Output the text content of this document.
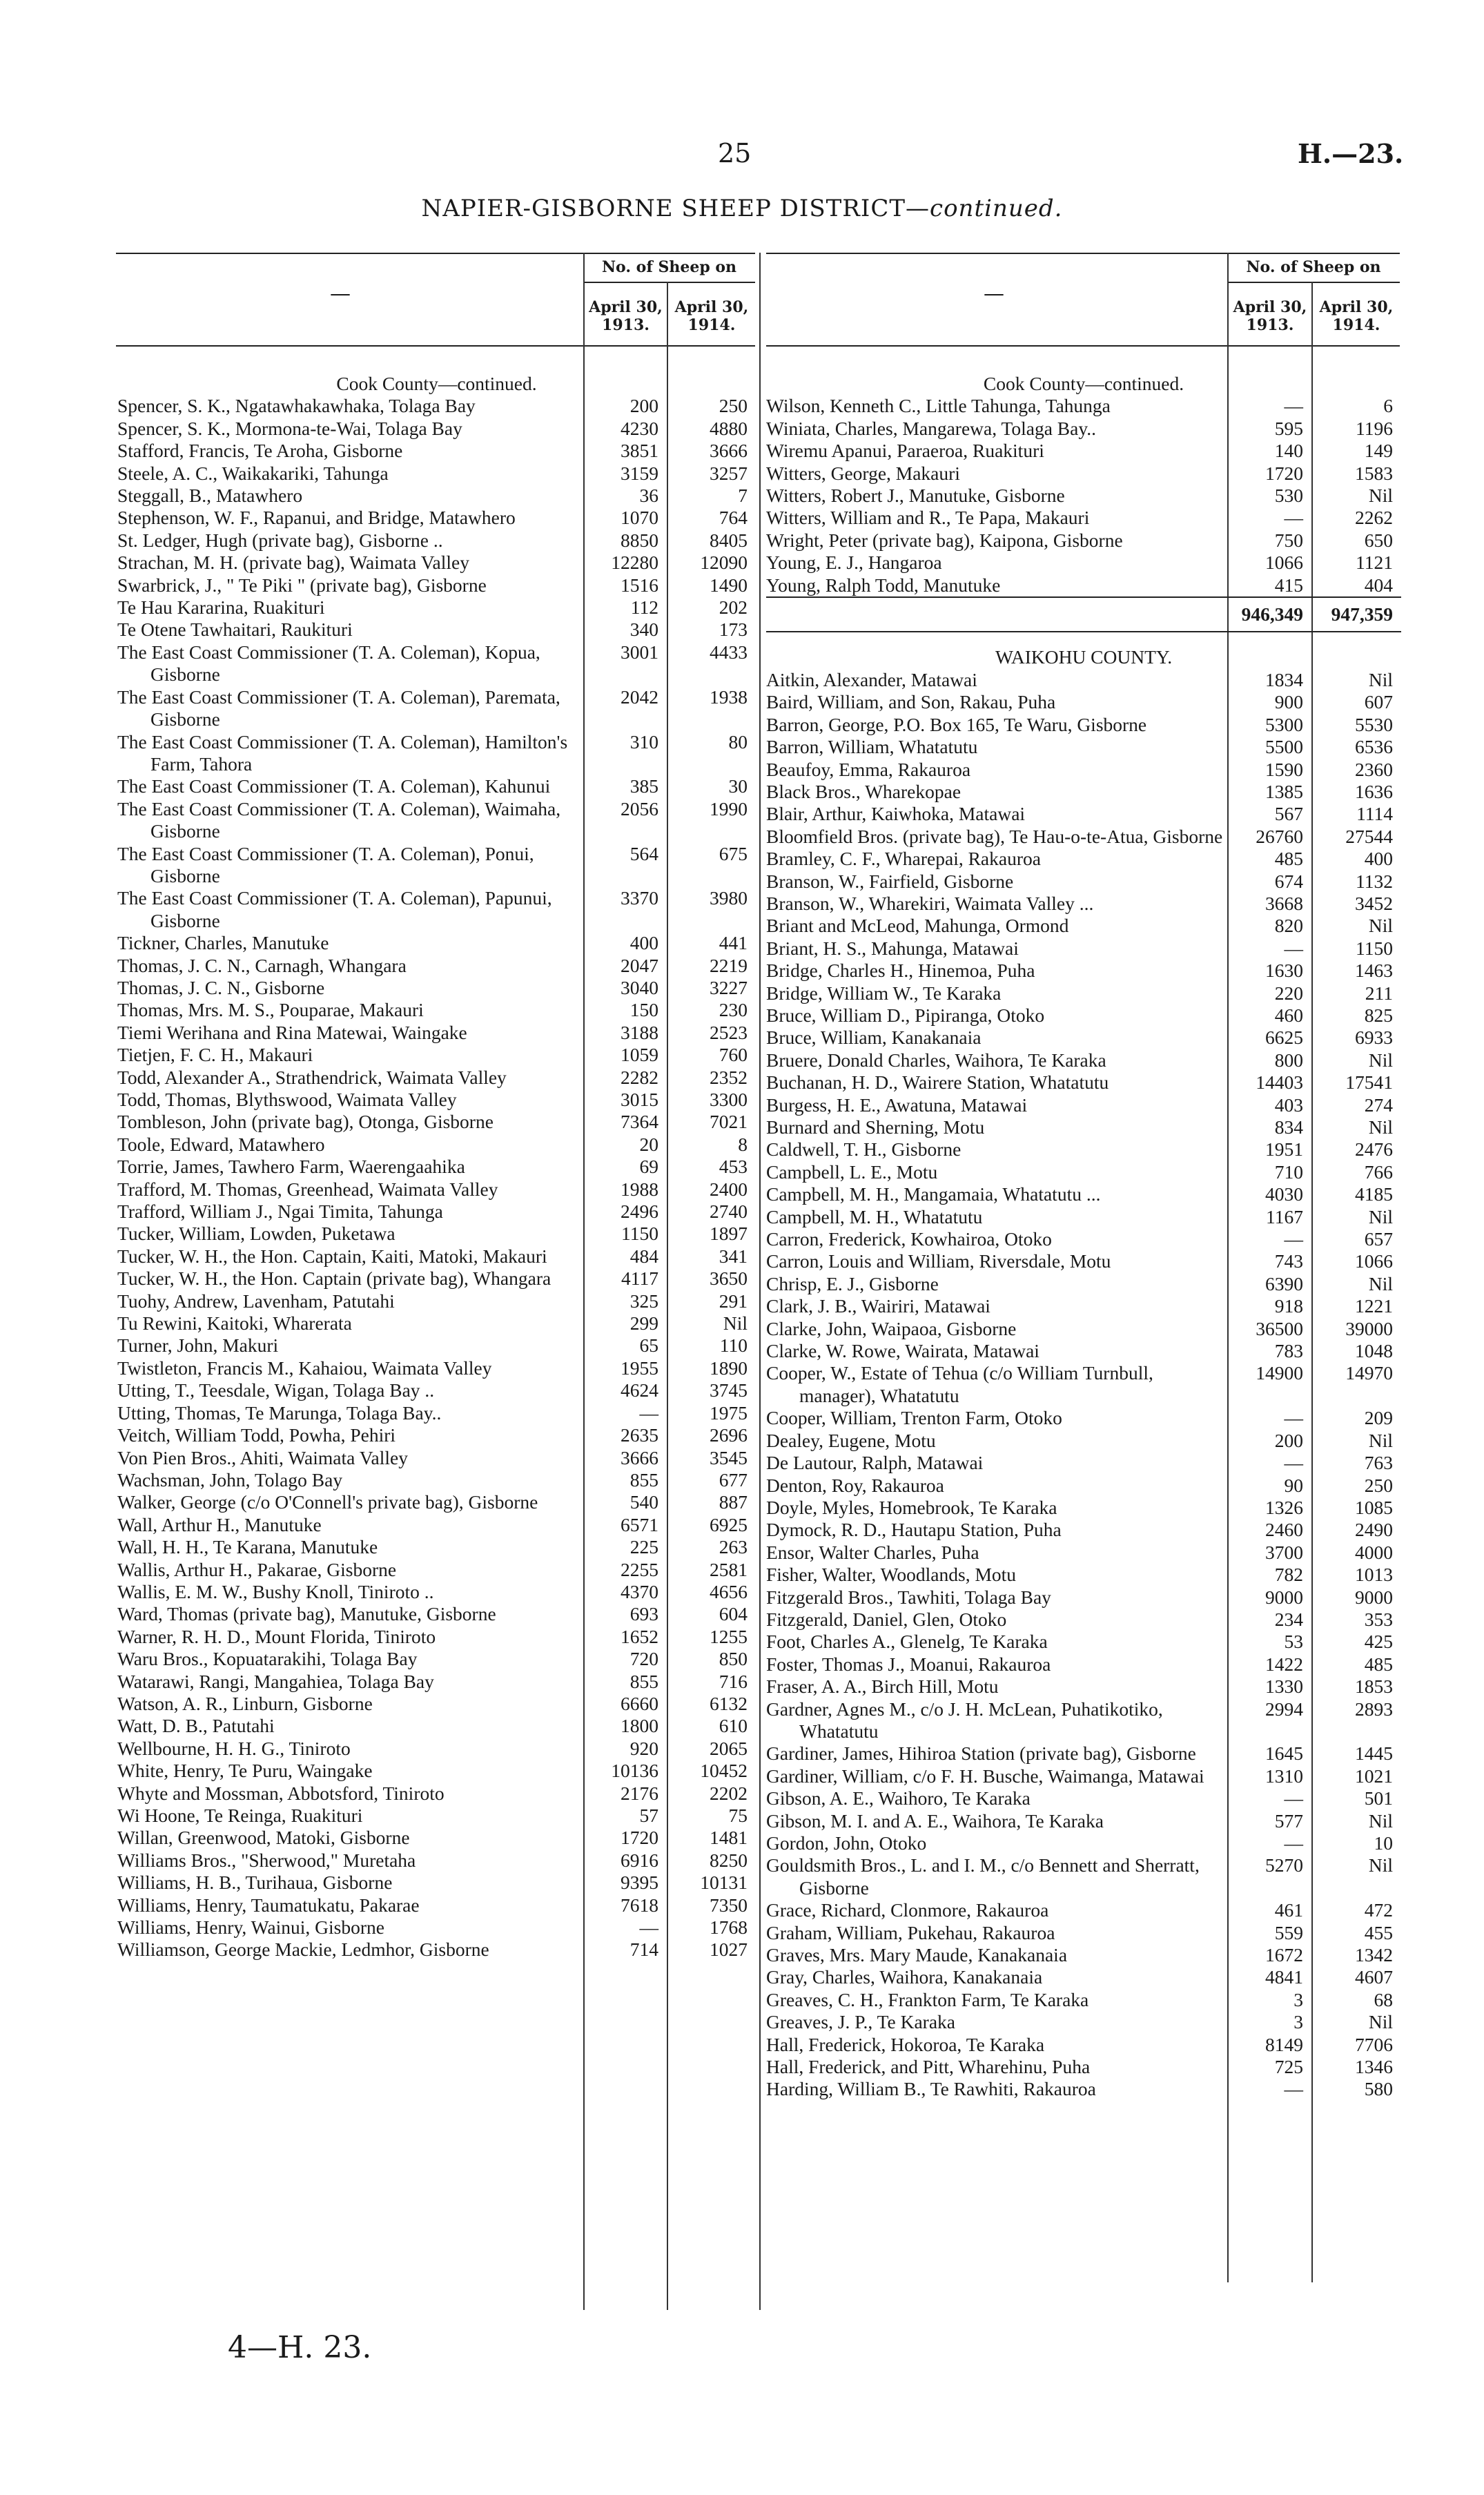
25	H.—23.
NAPIER-GISBORNE SHEEP DISTRICT—continued.
—
No. of Sheep on
April 30, 1913.
April 30, 1914.
—
No. of Sheep on
April 30, 1913.
April 30, 1914.
Cook County—continued.		
Spencer, S. K., Ngatawhakawhaka, Tolaga Bay	200	250
Spencer, S. K., Mormona-te-Wai, Tolaga Bay	4230	4880
Stafford, Francis, Te Aroha, Gisborne	3851	3666
Steele, A. C., Waikakariki, Tahunga	3159	3257
Steggall, B., Matawhero	36	7
Stephenson, W. F., Rapanui, and Bridge, Matawhero	1070	764
St. Ledger, Hugh (private bag), Gisborne ..	8850	8405
Strachan, M. H. (private bag), Waimata Valley	12280	12090
Swarbrick, J., " Te Piki " (private bag), Gisborne	1516	1490
Te Hau Kararina, Ruakituri	112	202
Te Otene Tawhaitari, Raukituri	340	173
The East Coast Commissioner (T. A. Coleman), Kopua, Gisborne	3001	4433
The East Coast Commissioner (T. A. Coleman), Paremata, Gisborne	2042	1938
The East Coast Commissioner (T. A. Coleman), Hamilton's Farm, Tahora	310	80
The East Coast Commissioner (T. A. Coleman), Kahunui	385	30
The East Coast Commissioner (T. A. Coleman), Waimaha, Gisborne	2056	1990
The East Coast Commissioner (T. A. Coleman), Ponui, Gisborne	564	675
The East Coast Commissioner (T. A. Coleman), Papunui, Gisborne	3370	3980
Tickner, Charles, Manutuke	400	441
Thomas, J. C. N., Carnagh, Whangara	2047	2219
Thomas, J. C. N., Gisborne	3040	3227
Thomas, Mrs. M. S., Pouparae, Makauri	150	230
Tiemi Werihana and Rina Matewai, Waingake	3188	2523
Tietjen, F. C. H., Makauri	1059	760
Todd, Alexander A., Strathendrick, Waimata Valley	2282	2352
Todd, Thomas, Blythswood, Waimata Valley	3015	3300
Tombleson, John (private bag), Otonga, Gisborne	7364	7021
Toole, Edward, Matawhero	20	8
Torrie, James, Tawhero Farm, Waerengaahika	69	453
Trafford, M. Thomas, Greenhead, Waimata Valley	1988	2400
Trafford, William J., Ngai Timita, Tahunga	2496	2740
Tucker, William, Lowden, Puketawa	1150	1897
Tucker, W. H., the Hon. Captain, Kaiti, Matoki, Makauri	484	341
Tucker, W. H., the Hon. Captain (private bag), Whangara	4117	3650
Tuohy, Andrew, Lavenham, Patutahi	325	291
Tu Rewini, Kaitoki, Wharerata	299	Nil
Turner, John, Makuri	65	110
Twistleton, Francis M., Kahaiou, Waimata Valley	1955	1890
Utting, T., Teesdale, Wigan, Tolaga Bay ..	4624	3745
Utting, Thomas, Te Marunga, Tolaga Bay..	—	1975
Veitch, William Todd, Powha, Pehiri	2635	2696
Von Pien Bros., Ahiti, Waimata Valley	3666	3545
Wachsman, John, Tolago Bay	855	677
Walker, George (c/o O'Connell's private bag), Gisborne	540	887
Wall, Arthur H., Manutuke	6571	6925
Wall, H. H., Te Karana, Manutuke	225	263
Wallis, Arthur H., Pakarae, Gisborne	2255	2581
Wallis, E. M. W., Bushy Knoll, Tiniroto ..	4370	4656
Ward, Thomas (private bag), Manutuke, Gisborne	693	604
Warner, R. H. D., Mount Florida, Tiniroto	1652	1255
Waru Bros., Kopuatarakihi, Tolaga Bay	720	850
Watarawi, Rangi, Mangahiea, Tolaga Bay	855	716
Watson, A. R., Linburn, Gisborne	6660	6132
Watt, D. B., Patutahi	1800	610
Wellbourne, H. H. G., Tiniroto	920	2065
White, Henry, Te Puru, Waingake	10136	10452
Whyte and Mossman, Abbotsford, Tiniroto	2176	2202
Wi Hoone, Te Reinga, Ruakituri	57	75
Willan, Greenwood, Matoki, Gisborne	1720	1481
Williams Bros., "Sherwood," Muretaha	6916	8250
Williams, H. B., Turihaua, Gisborne	9395	10131
Williams, Henry, Taumatukatu, Pakarae	7618	7350
Williams, Henry, Wainui, Gisborne	—	1768
Williamson, George Mackie, Ledmhor, Gisborne	714	1027
Cook County—continued.		
Wilson, Kenneth C., Little Tahunga, Tahunga	—	6
Winiata, Charles, Mangarewa, Tolaga Bay..	595	1196
Wiremu Apanui, Paraeroa, Ruakituri	140	149
Witters, George, Makauri	1720	1583
Witters, Robert J., Manutuke, Gisborne	530	Nil
Witters, William and R., Te Papa, Makauri	—	2262
Wright, Peter (private bag), Kaipona, Gisborne	750	650
Young, E. J., Hangaroa	1066	1121
Young, Ralph Todd, Manutuke	415	404
	946,349	947,359
WAIKOHU COUNTY.		
Aitkin, Alexander, Matawai	1834	Nil
Baird, William, and Son, Rakau, Puha	900	607
Barron, George, P.O. Box 165, Te Waru, Gisborne	5300	5530
Barron, William, Whatatutu	5500	6536
Beaufoy, Emma, Rakauroa	1590	2360
Black Bros., Wharekopae	1385	1636
Blair, Arthur, Kaiwhoka, Matawai	567	1114
Bloomfield Bros. (private bag), Te Hau-o-te-Atua, Gisborne	26760	27544
Bramley, C. F., Wharepai, Rakauroa	485	400
Branson, W., Fairfield, Gisborne	674	1132
Branson, W., Wharekiri, Waimata Valley ...	3668	3452
Briant and McLeod, Mahunga, Ormond	820	Nil
Briant, H. S., Mahunga, Matawai	—	1150
Bridge, Charles H., Hinemoa, Puha	1630	1463
Bridge, William W., Te Karaka	220	211
Bruce, William D., Pipiranga, Otoko	460	825
Bruce, William, Kanakanaia	6625	6933
Bruere, Donald Charles, Waihora, Te Karaka	800	Nil
Buchanan, H. D., Wairere Station, Whatatutu	14403	17541
Burgess, H. E., Awatuna, Matawai	403	274
Burnard and Sherning, Motu	834	Nil
Caldwell, T. H., Gisborne	1951	2476
Campbell, L. E., Motu	710	766
Campbell, M. H., Mangamaia, Whatatutu ...	4030	4185
Campbell, M. H., Whatatutu	1167	Nil
Carron, Frederick, Kowhairoa, Otoko	—	657
Carron, Louis and William, Riversdale, Motu	743	1066
Chrisp, E. J., Gisborne	6390	Nil
Clark, J. B., Wairiri, Matawai	918	1221
Clarke, John, Waipaoa, Gisborne	36500	39000
Clarke, W. Rowe, Wairata, Matawai	783	1048
Cooper, W., Estate of Tehua (c/o William Turnbull, manager), Whatatutu	14900	14970
Cooper, William, Trenton Farm, Otoko	—	209
Dealey, Eugene, Motu	200	Nil
De Lautour, Ralph, Matawai	—	763
Denton, Roy, Rakauroa	90	250
Doyle, Myles, Homebrook, Te Karaka	1326	1085
Dymock, R. D., Hautapu Station, Puha	2460	2490
Ensor, Walter Charles, Puha	3700	4000
Fisher, Walter, Woodlands, Motu	782	1013
Fitzgerald Bros., Tawhiti, Tolaga Bay	9000	9000
Fitzgerald, Daniel, Glen, Otoko	234	353
Foot, Charles A., Glenelg, Te Karaka	53	425
Foster, Thomas J., Moanui, Rakauroa	1422	485
Fraser, A. A., Birch Hill, Motu	1330	1853
Gardner, Agnes M., c/o J. H. McLean, Puhatikotiko, Whatatutu	2994	2893
Gardiner, James, Hihiroa Station (private bag), Gisborne	1645	1445
Gardiner, William, c/o F. H. Busche, Waimanga, Matawai	1310	1021
Gibson, A. E., Waihoro, Te Karaka	—	501
Gibson, M. I. and A. E., Waihora, Te Karaka	577	Nil
Gordon, John, Otoko	—	10
Gouldsmith Bros., L. and I. M., c/o Bennett and Sherratt, Gisborne	5270	Nil
Grace, Richard, Clonmore, Rakauroa	461	472
Graham, William, Pukehau, Rakauroa	559	455
Graves, Mrs. Mary Maude, Kanakanaia	1672	1342
Gray, Charles, Waihora, Kanakanaia	4841	4607
Greaves, C. H., Frankton Farm, Te Karaka	3	68
Greaves, J. P., Te Karaka	3	Nil
Hall, Frederick, Hokoroa, Te Karaka	8149	7706
Hall, Frederick, and Pitt, Wharehinu, Puha	725	1346
Harding, William B., Te Rawhiti, Rakauroa	—	580
4—H. 23.
